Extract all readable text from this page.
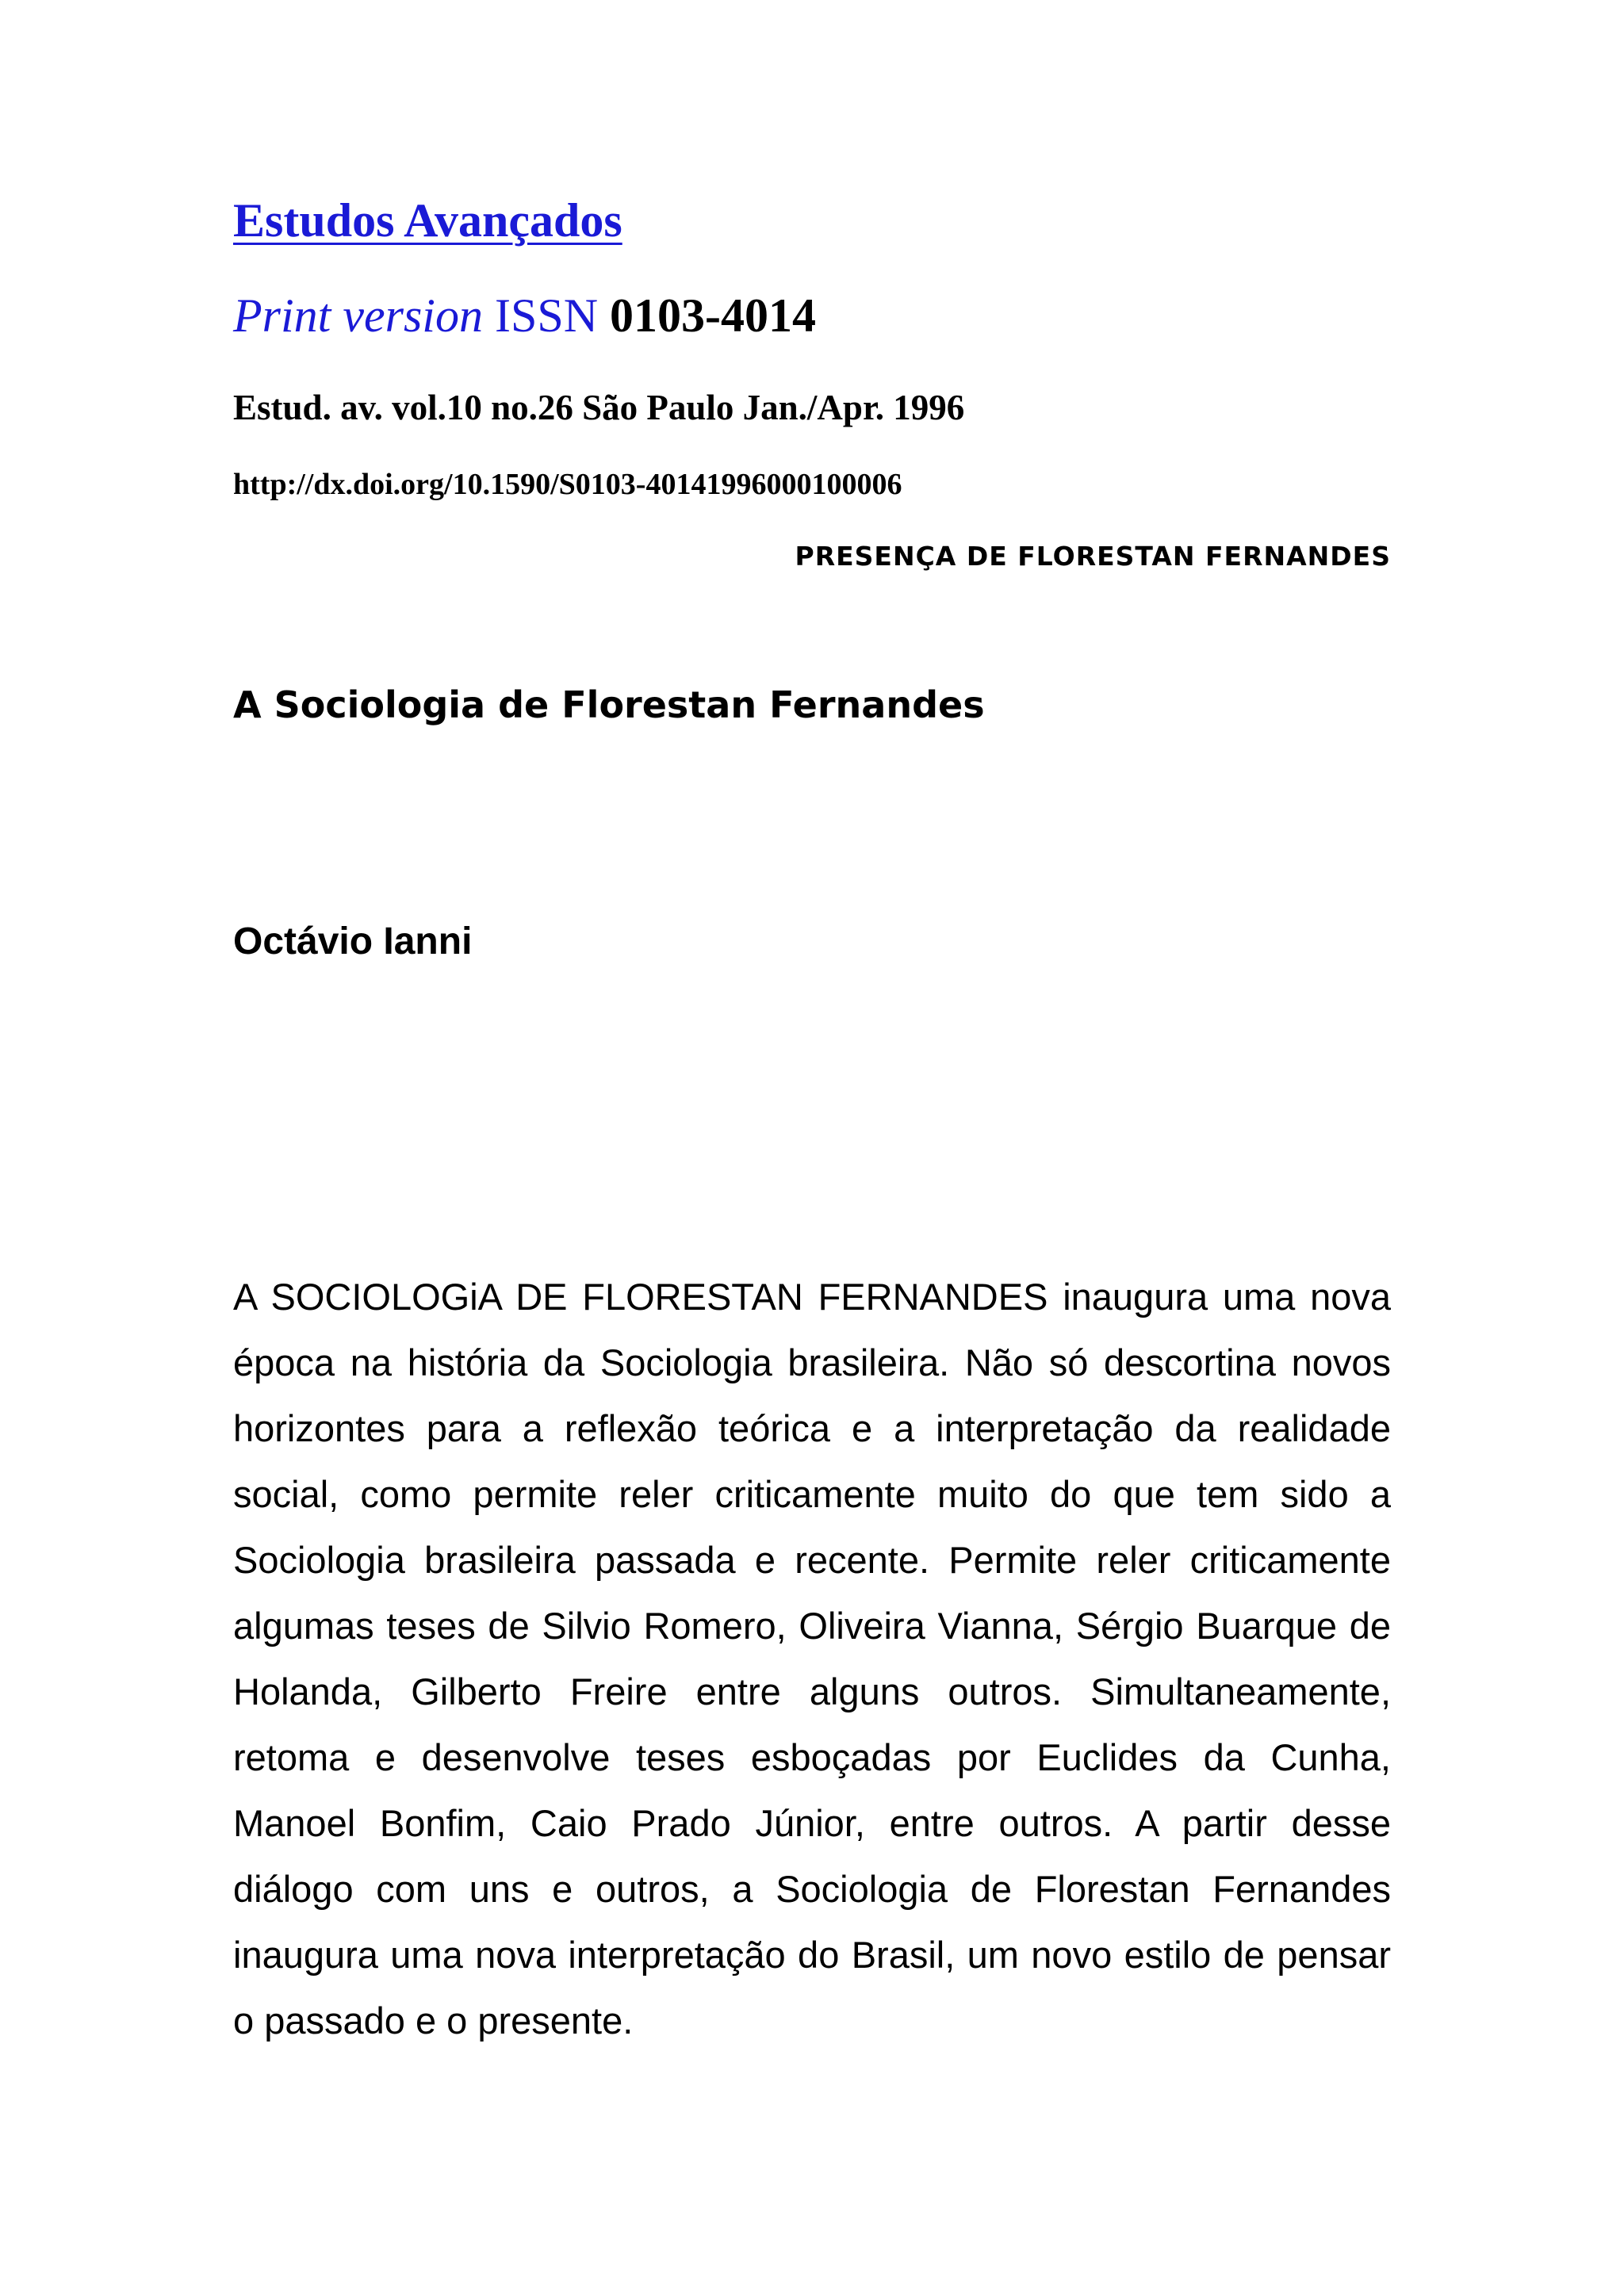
Estudos Avançados
Print version ISSN 0103-4014
Estud. av. vol.10 no.26 São Paulo Jan./Apr. 1996
http://dx.doi.org/10.1590/S0103-40141996000100006
PRESENÇA DE FLORESTAN FERNANDES
A Sociologia de Florestan Fernandes
Octávio Ianni

A SOCIOLOGiA DE FLORESTAN FERNANDES inaugura uma nova época na história da Sociologia brasileira. Não só descortina novos horizontes para a reflexão teórica e a interpretação da realidade social, como permite reler criticamente muito do que tem sido a Sociologia brasileira passada e recente. Permite reler criticamente algumas teses de Silvio Romero, Oliveira Vianna, Sérgio Buarque de Holanda, Gilberto Freire entre alguns outros. Simultaneamente, retoma e desenvolve teses esboçadas por Euclides da Cunha, Manoel Bonfim, Caio Prado Júnior, entre outros. A partir desse diálogo com uns e outros, a Sociologia de Florestan Fernandes inaugura uma nova interpretação do Brasil, um novo estilo de pensar o passado e o presente.
